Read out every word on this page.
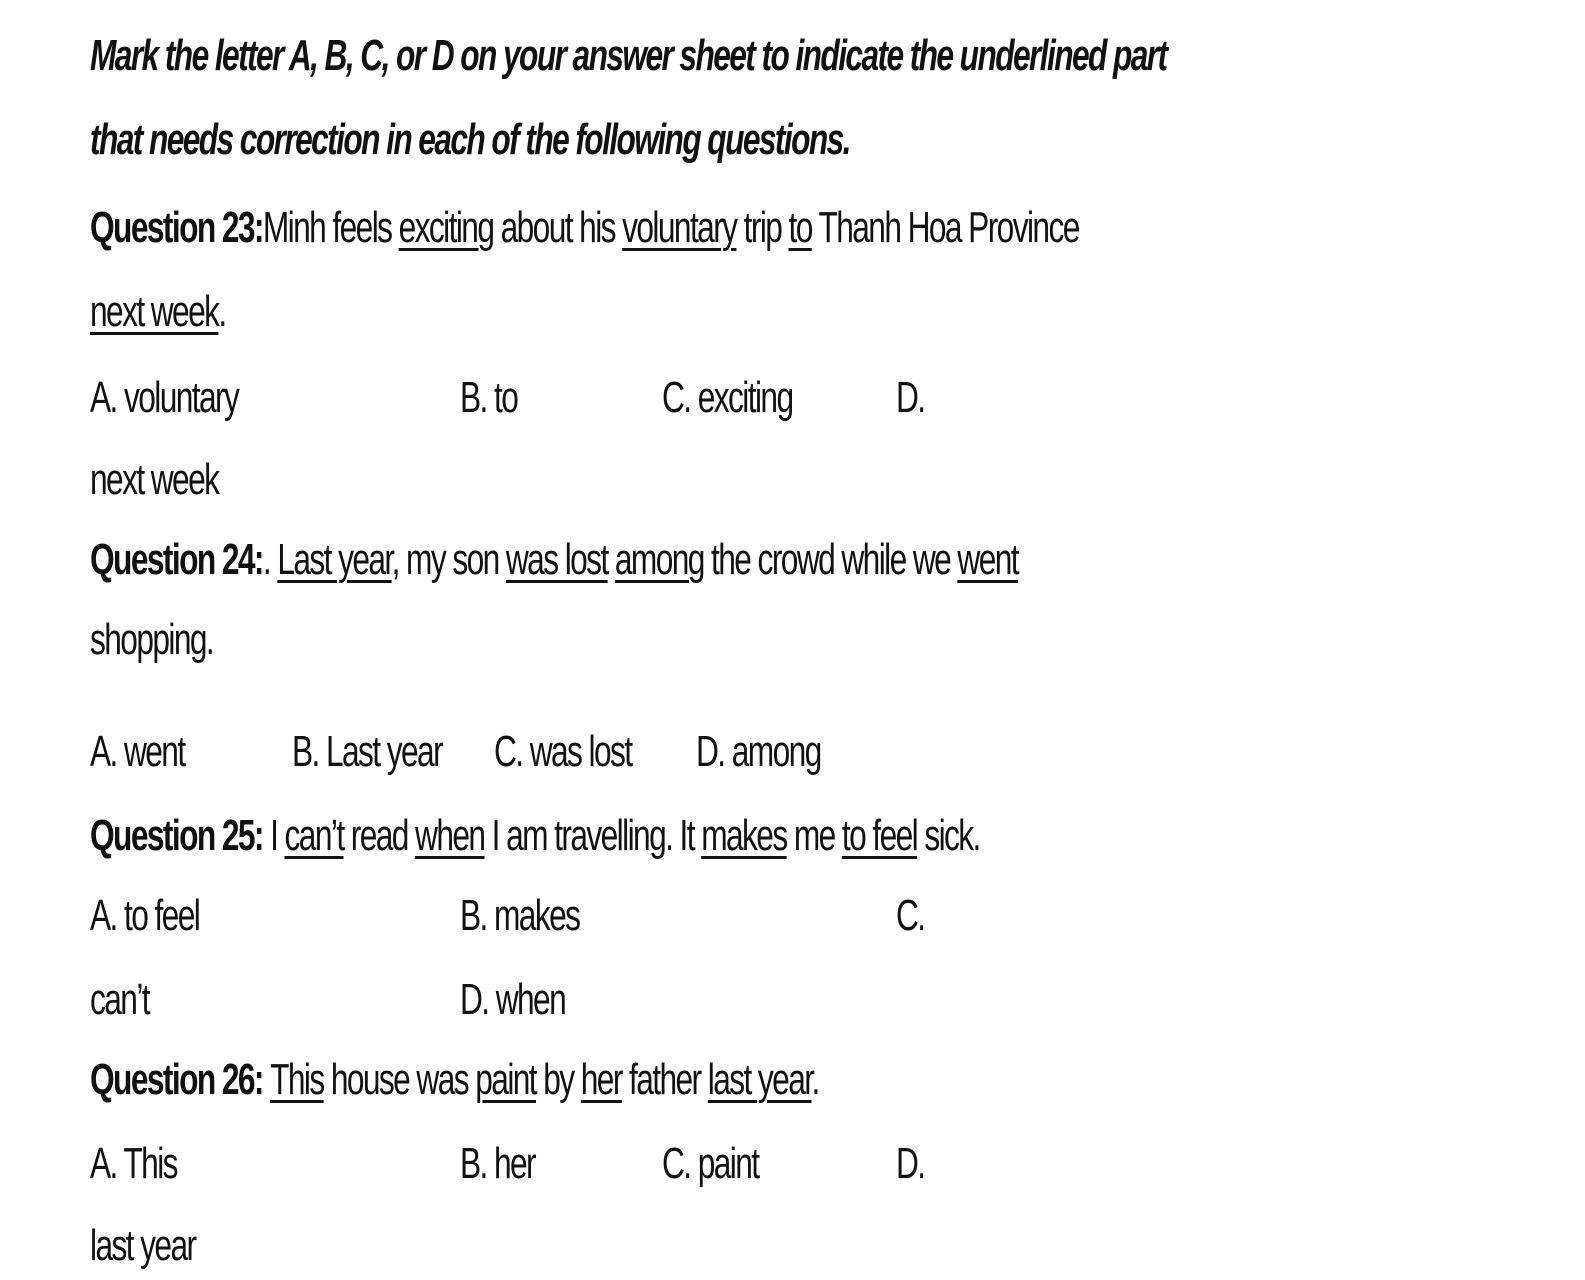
Mark the letter A, B, C, or D on your answer sheet to indicate the underlined part
that needs correction in each of the following questions.
Question 23:Minh feels exciting about his voluntary trip to Thanh Hoa Province
next week.
A. voluntary	B. to	C. exciting	D.
next week
Question 24:. Last year, my son was lost among the crowd while we went
shopping.
A. went	B. Last year	C. was lost	D. among
Question 25: I can’t read when I am travelling. It makes me to feel sick.
A. to feel	B. makes	C.
can’t	D. when
Question 26: This house was paint by her father last year.
A. This	B. her	C. paint	D.
last year
